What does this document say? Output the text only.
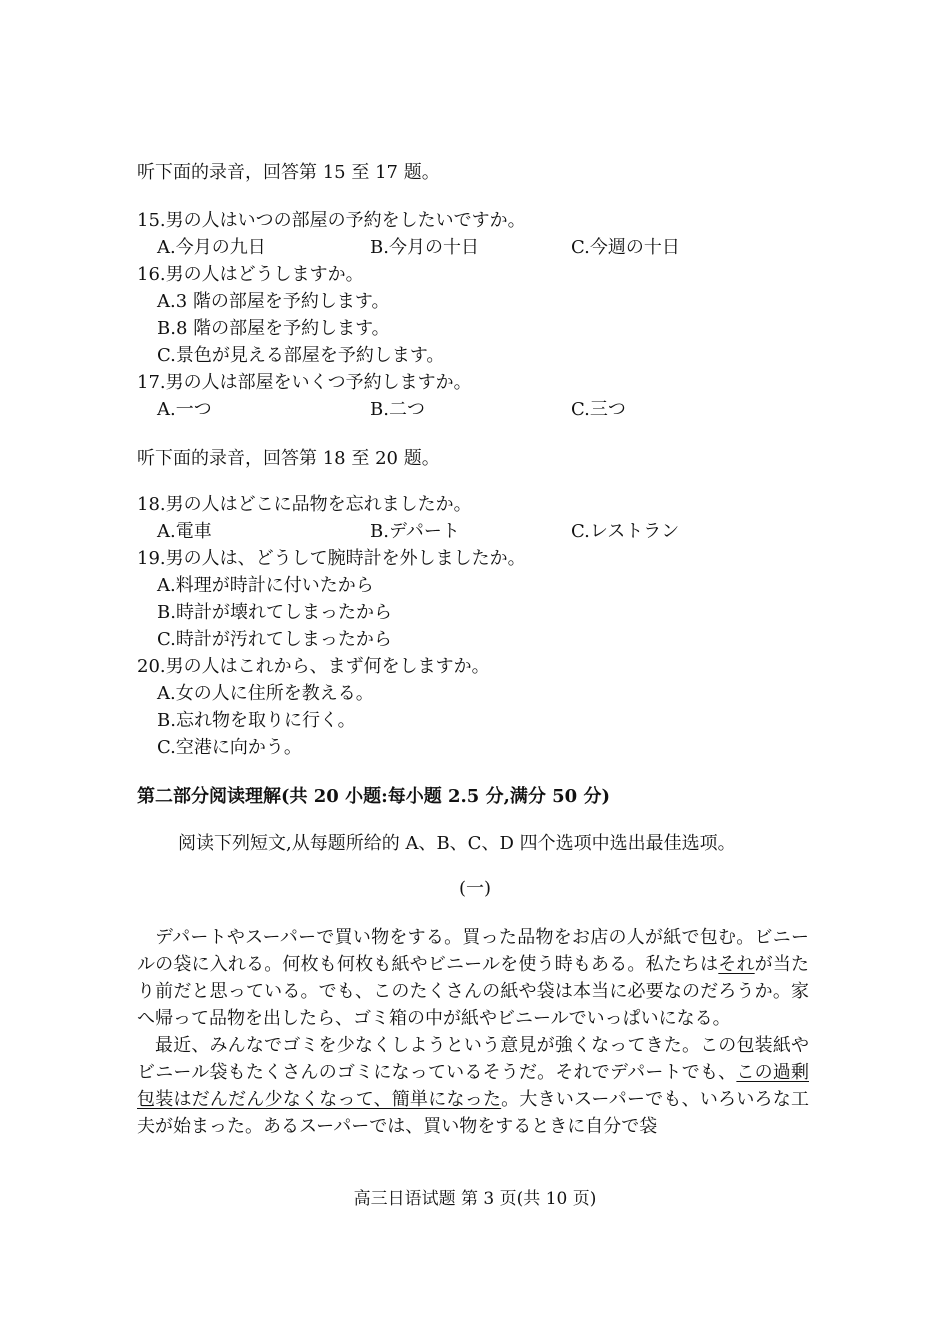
听下面的录音，回答第 15 至 17 题。
15.男の人はいつの部屋の予約をしたいですか。
A.今月の九日	B.今月の十日	C.今週の十日
16.男の人はどうしますか。
A.3 階の部屋を予約します。
B.8 階の部屋を予約します。
C.景色が見える部屋を予約します。
17.男の人は部屋をいくつ予約しますか。
A.一つ	B.二つ	C.三つ
听下面的录音，回答第 18 至 20 题。
18.男の人はどこに品物を忘れましたか。
A.電車	B.デパート	C.レストラン
19.男の人は、どうして腕時計を外しましたか。
A.料理が時計に付いたから
B.時計が壊れてしまったから
C.時計が汚れてしまったから
20.男の人はこれから、まず何をしますか。
A.女の人に住所を教える。
B.忘れ物を取りに行く。
C.空港に向かう。
第二部分阅读理解(共 20 小题:每小题 2.5 分,满分 50 分)
阅读下列短文,从每题所给的 A、B、C、D 四个选项中选出最佳选项。
(一)

デパートやスーパーで買い物をする。買った品物をお店の人が紙で包む。ビニールの袋に入れる。何枚も何枚も紙やビニールを使う時もある。私たちはそれが当たり前だと思っている。でも、このたくさんの紙や袋は本当に必要なのだろうか。家へ帰って品物を出したら、ゴミ箱の中が紙やビニールでいっぱいになる。

最近、みんなでゴミを少なくしようという意見が強くなってきた。この包装紙やビニール袋もたくさんのゴミになっているそうだ。それでデパートでも、この過剰包装はだんだん少なくなって、簡単になった。大きいスーパーでも、いろいろな工夫が始まった。あるスーパーでは、買い物をするときに自分で袋

高三日语试题 第 3 页(共 10 页)
